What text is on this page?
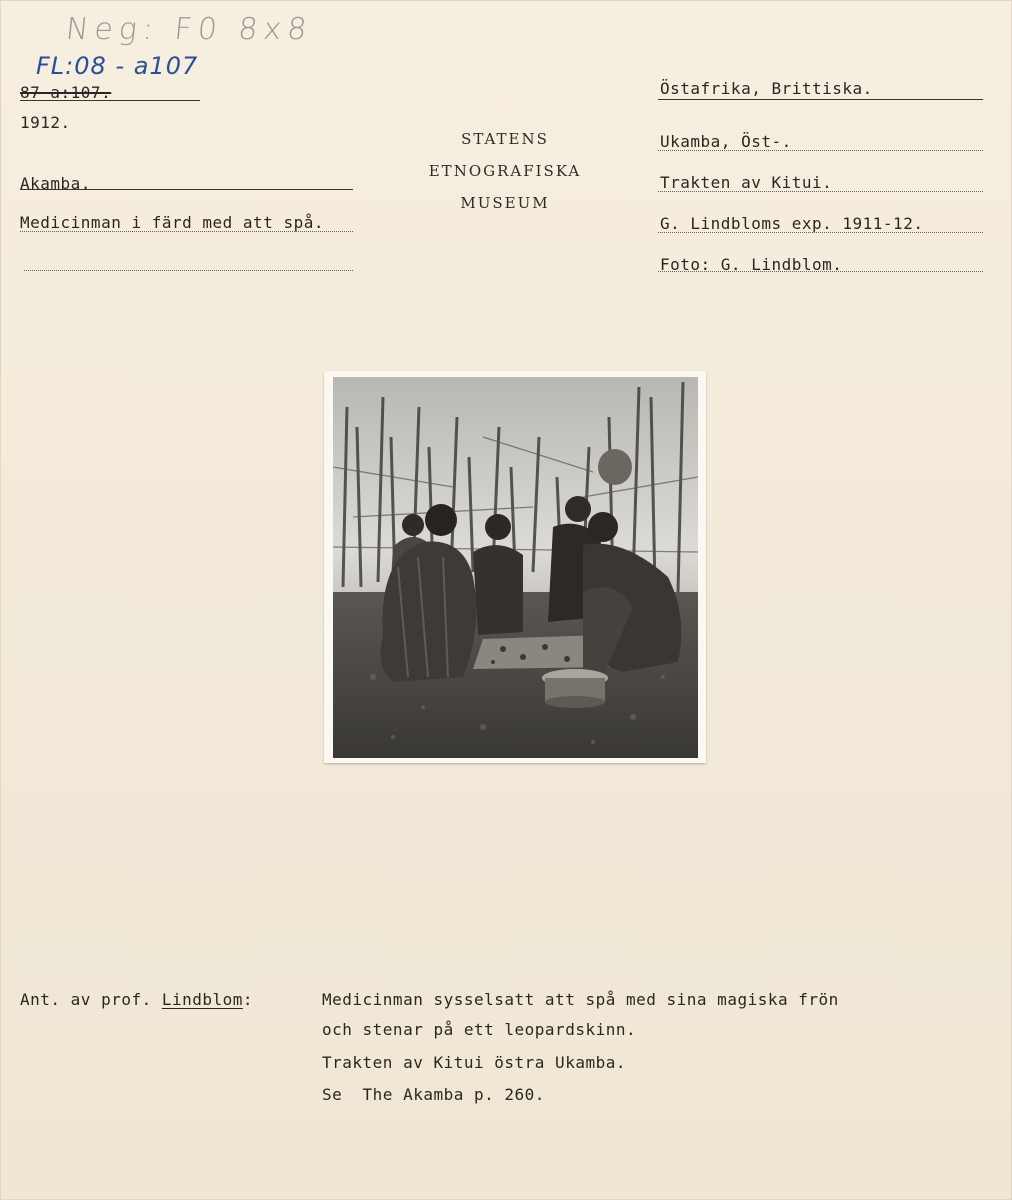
Neg: F0 8x8
FL:08 - a107
87 a:107.
1912.
Akamba.
Medicinman i färd med att spå.
STATENS
ETNOGRAFISKA
MUSEUM
Östafrika, Brittiska.
Ukamba, Öst-.
Trakten av Kitui.
G. Lindbloms exp. 1911-12.
Foto: G. Lindblom.
Ant. av prof. Lindblom:	Medicinman sysselsatt att spå med sina magiska frön
och stenar på ett leopardskinn.
Trakten av Kitui östra Ukamba.
Se  The Akamba p. 260.
